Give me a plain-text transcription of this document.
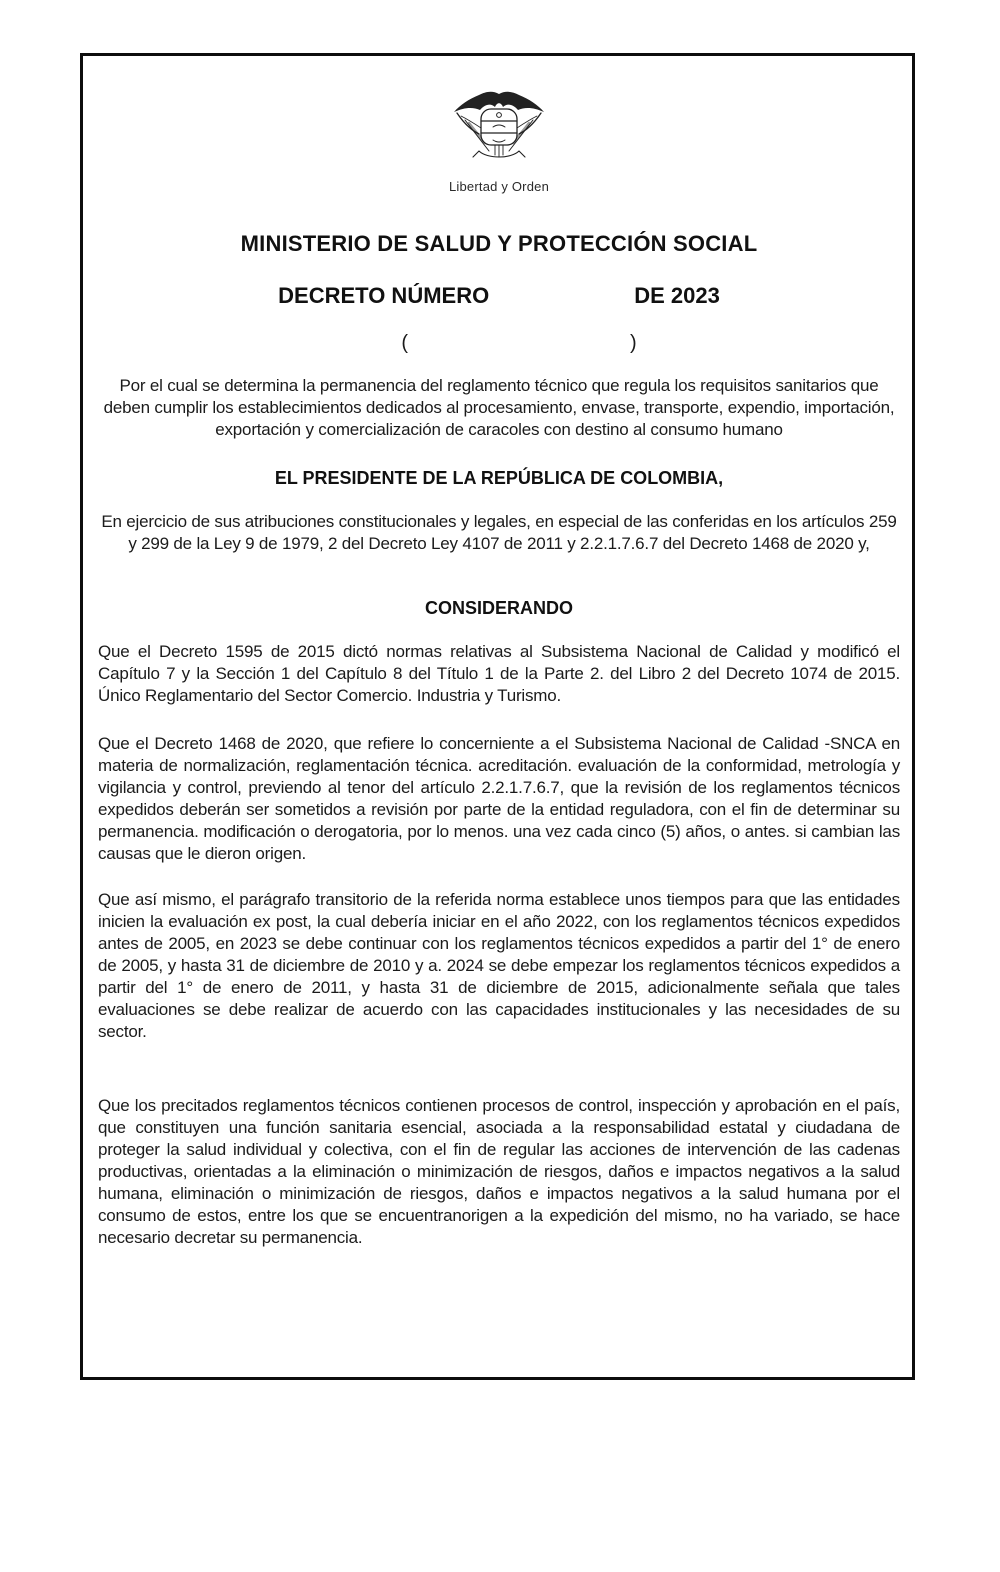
Libertad y Orden
MINISTERIO DE SALUD Y PROTECCIÓN SOCIAL
DECRETO NÚMERO	DE 2023
(	)

Por el cual se determina la permanencia del reglamento técnico que regula los requisitos sanitarios que deben cumplir los establecimientos dedicados al procesamiento, envase, transporte, expendio, importación, exportación y comercialización de caracoles con destino al consumo humano

EL PRESIDENTE DE LA REPÚBLICA DE COLOMBIA,

En ejercicio de sus atribuciones constitucionales y legales, en especial de las conferidas en los artículos 259 y 299 de la Ley 9 de 1979, 2 del Decreto Ley 4107 de 2011 y 2.2.1.7.6.7 del Decreto 1468 de 2020 y,

CONSIDERANDO

Que el Decreto 1595 de 2015 dictó normas relativas al Subsistema Nacional de Calidad y modificó el Capítulo 7 y la Sección 1 del Capítulo 8 del Título 1 de la Parte 2. del Libro 2 del Decreto 1074 de 2015. Único Reglamentario del Sector Comercio. Industria y Turismo.

Que el Decreto 1468 de 2020, que refiere lo concerniente a el Subsistema Nacional de Calidad -SNCA en materia de normalización, reglamentación técnica. acreditación. evaluación de la conformidad, metrología y vigilancia y control, previendo al tenor del artículo 2.2.1.7.6.7, que la revisión de los reglamentos técnicos expedidos deberán ser sometidos a revisión por parte de la entidad reguladora, con el fin de determinar su permanencia. modificación o derogatoria, por lo menos. una vez cada cinco (5) años, o antes. si cambian las causas que le dieron origen.

Que así mismo, el parágrafo transitorio de la referida norma establece unos tiempos para que las entidades inicien la evaluación ex post, la cual debería iniciar en el año 2022, con los reglamentos técnicos expedidos antes de 2005, en 2023 se debe continuar con los reglamentos técnicos expedidos a partir del 1° de enero de 2005, y hasta 31 de diciembre de 2010 y a. 2024 se debe empezar los reglamentos técnicos expedidos a partir del 1° de enero de 2011, y hasta 31 de diciembre de 2015, adicionalmente señala que tales evaluaciones se debe realizar de acuerdo con las capacidades institucionales y las necesidades de su sector.

Que los precitados reglamentos técnicos contienen procesos de control, inspección y aprobación en el país, que constituyen una función sanitaria esencial, asociada a la responsabilidad estatal y ciudadana de proteger la salud individual y colectiva, con el fin de regular las acciones de intervención de las cadenas productivas, orientadas a la eliminación o minimización de riesgos, daños e impactos negativos a la salud humana, eliminación o minimización de riesgos, daños e impactos negativos a la salud humana por el consumo de estos, entre los que se encuentranorigen a la expedición del mismo, no ha variado, se hace necesario decretar su permanencia.
